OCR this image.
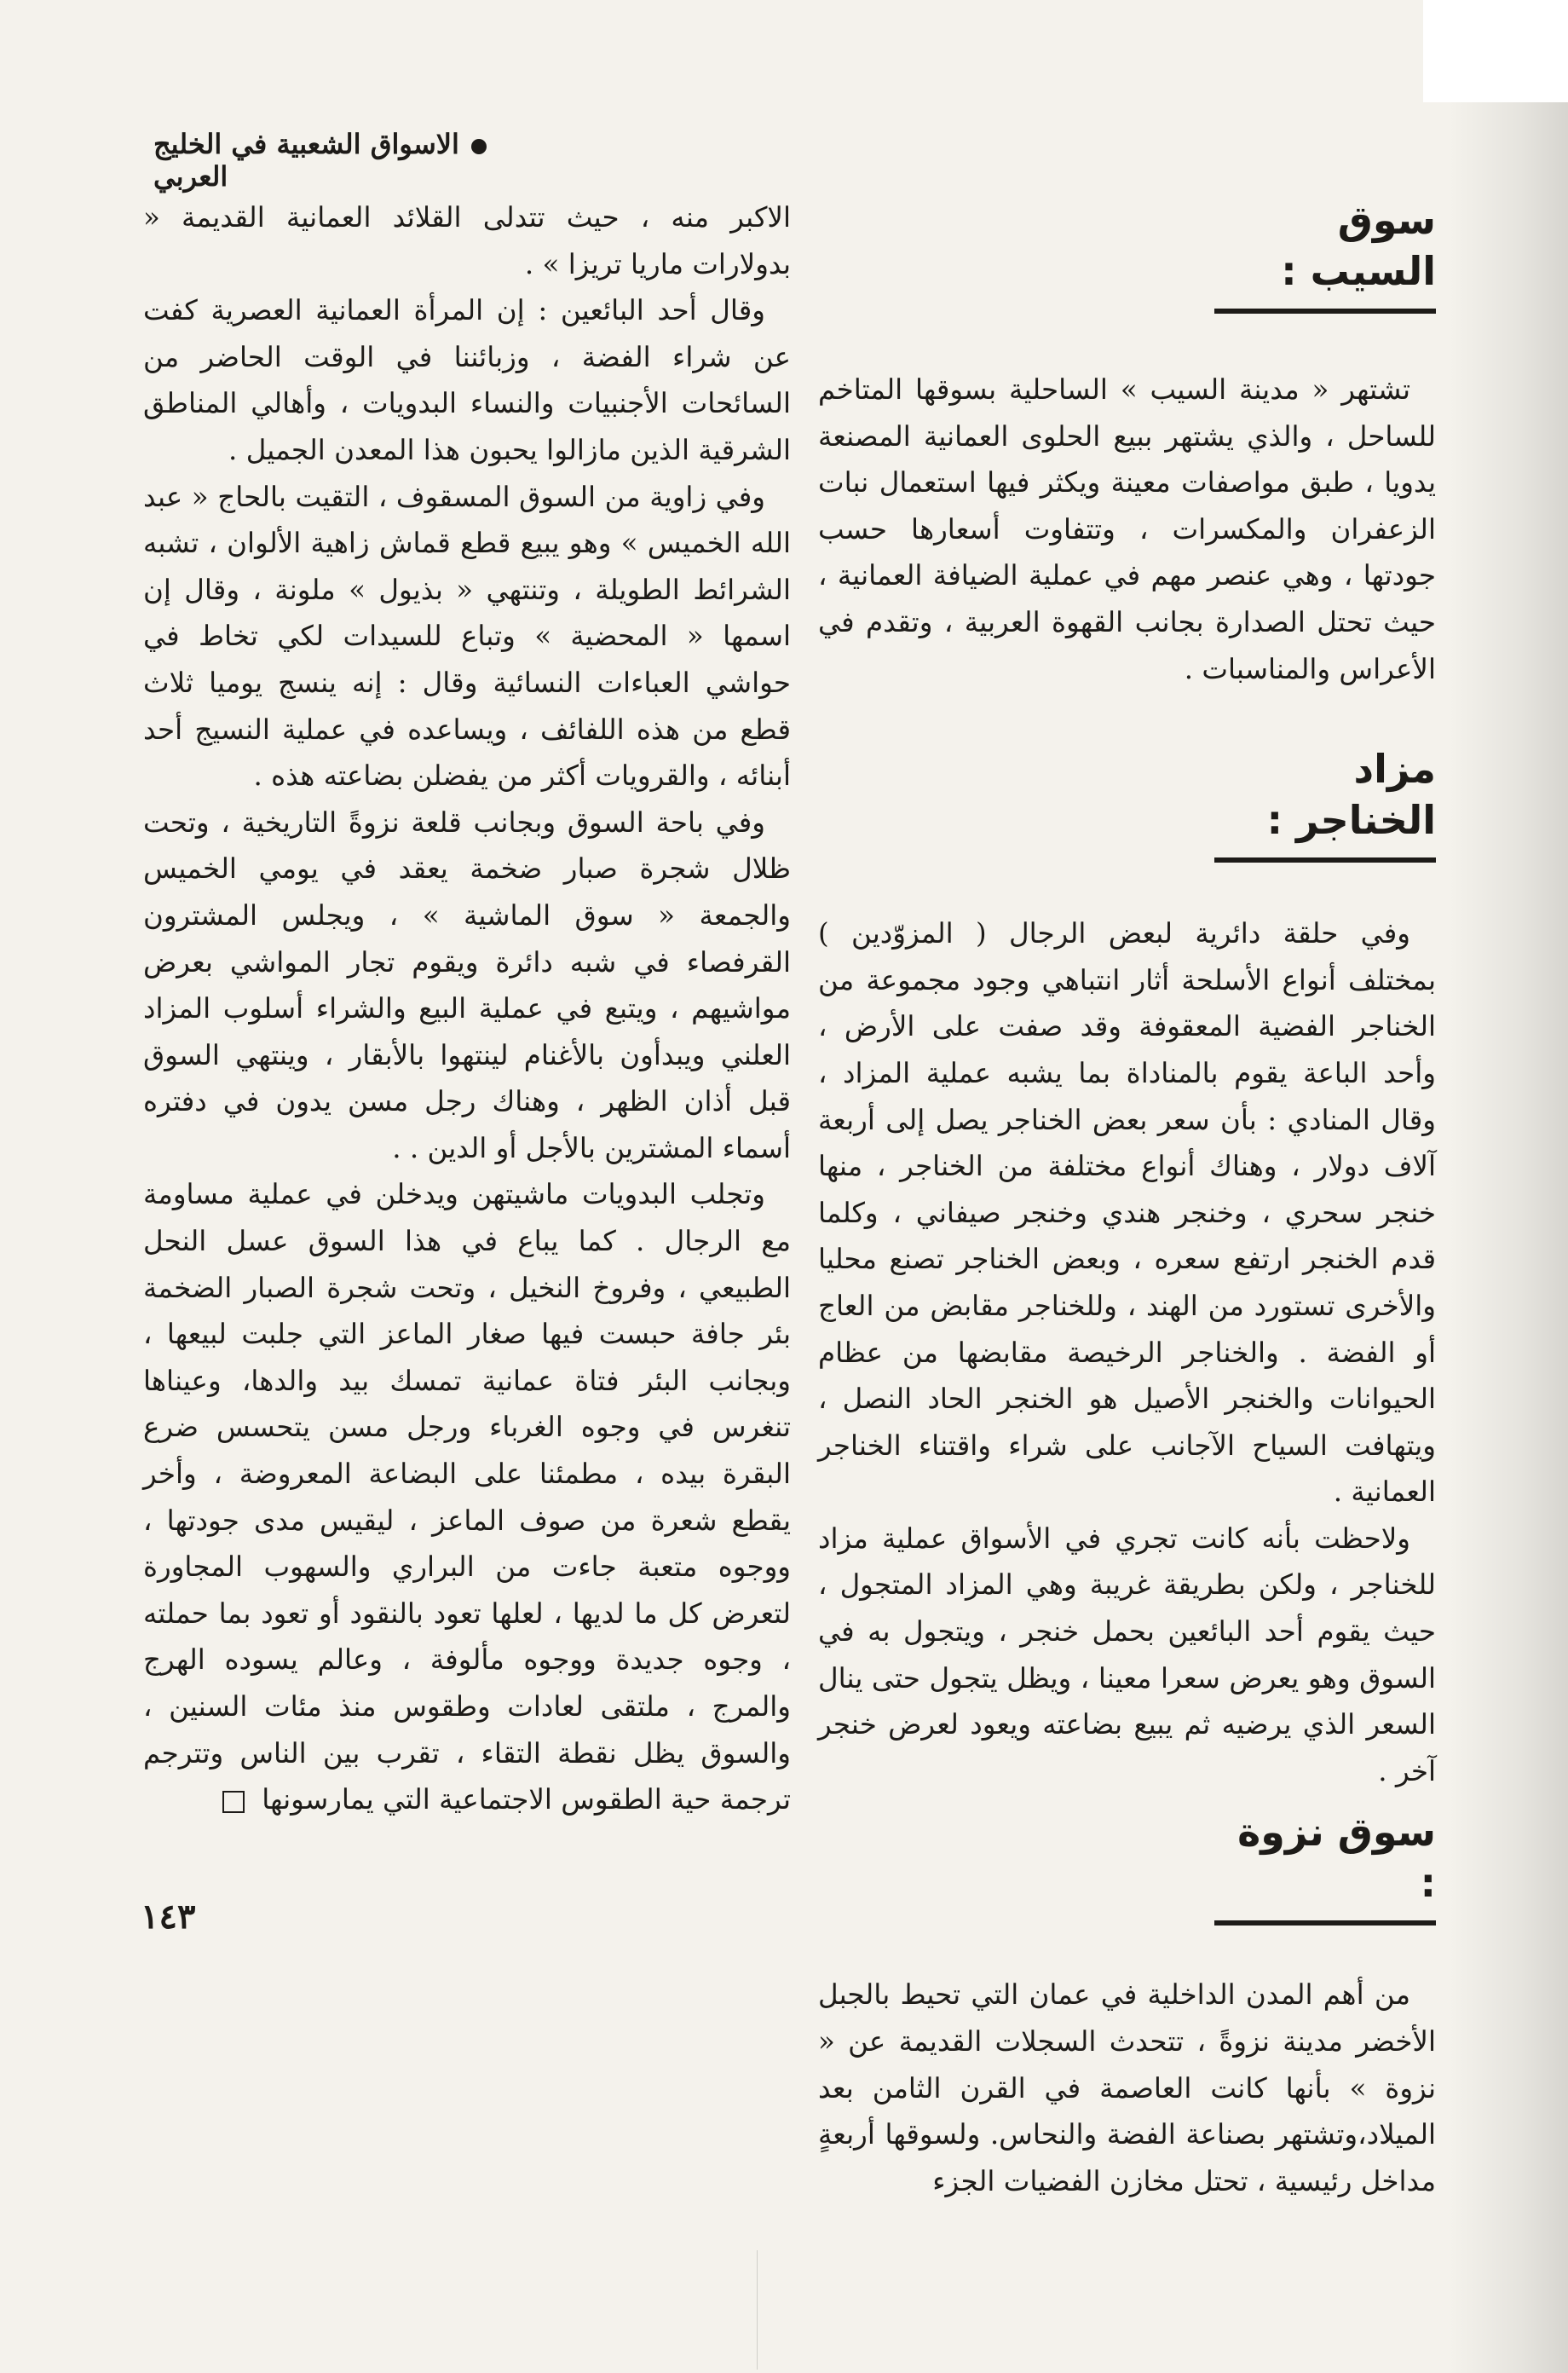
الاسواق الشعبية في الخليج العربي
سوق السيب :

تشتهر « مدينة السيب » الساحلية بسوقها المتاخم للساحل ، والذي يشتهر ببيع الحلوى العمانية المصنعة يدويا ، طبق مواصفات معينة ويكثر فيها استعمال نبات الزعفران والمكسرات ، وتتفاوت أسعارها حسب جودتها ، وهي عنصر مهم في عملية الضيافة العمانية ، حيث تحتل الصدارة بجانب القهوة العربية ، وتقدم في الأعراس والمناسبات .

مزاد الخناجر :

وفي حلقة دائرية لبعض الرجال ( المزوّدين ) بمختلف أنواع الأسلحة أثار انتباهي وجود مجموعة من الخناجر الفضية المعقوفة وقد صفت على الأرض ، وأحد الباعة يقوم بالمناداة بما يشبه عملية المزاد ، وقال المنادي : بأن سعر بعض الخناجر يصل إلى أربعة آلاف دولار ، وهناك أنواع مختلفة من الخناجر ، منها خنجر سحري ، وخنجر هندي وخنجر صيفاني ، وكلما قدم الخنجر ارتفع سعره ، وبعض الخناجر تصنع محليا والأخرى تستورد من الهند ، وللخناجر مقابض من العاج أو الفضة . والخناجر الرخيصة مقابضها من عظام الحيوانات والخنجر الأصيل هو الخنجر الحاد النصل ، ويتهافت السياح الآجانب على شراء واقتناء الخناجر العمانية .

ولاحظت بأنه كانت تجري في الأسواق عملية مزاد للخناجر ، ولكن بطريقة غريبة وهي المزاد المتجول ، حيث يقوم أحد البائعين بحمل خنجر ، ويتجول به في السوق وهو يعرض سعرا معينا ، ويظل يتجول حتى ينال السعر الذي يرضيه ثم يبيع بضاعته ويعود لعرض خنجر آخر .

سوق نزوة :

من أهم المدن الداخلية في عمان التي تحيط بالجبل الأخضر مدينة نزوةً ، تتحدث السجلات القديمة عن « نزوة » بأنها كانت العاصمة في القرن الثامن بعد الميلاد،وتشتهر بصناعة الفضة والنحاس. ولسوقها أربعةٍ مداخل رئيسية ، تحتل مخازن الفضيات الجزء

الاكبر منه ، حيث تتدلى القلائد العمانية القديمة « بدولارات ماريا تريزا » .

وقال أحد البائعين : إن المرأة العمانية العصرية كفت عن شراء الفضة ، وزبائننا في الوقت الحاضر من السائحات الأجنبيات والنساء البدويات ، وأهالي المناطق الشرقية الذين مازالوا يحبون هذا المعدن الجميل .

وفي زاوية من السوق المسقوف ، التقيت بالحاج « عبد الله الخميس » وهو يبيع قطع قماش زاهية الألوان ، تشبه الشرائط الطويلة ، وتنتهي « بذيول » ملونة ، وقال إن اسمها « المحضية » وتباع للسيدات لكي تخاط في حواشي العباءات النسائية وقال : إنه ينسج يوميا ثلاث قطع من هذه اللفائف ، ويساعده في عملية النسيج أحد أبنائه ، والقرويات أكثر من يفضلن بضاعته هذه .

وفي باحة السوق وبجانب قلعة نزوةً التاريخية ، وتحت ظلال شجرة صبار ضخمة يعقد في يومي الخميس والجمعة « سوق الماشية » ، ويجلس المشترون القرفصاء في شبه دائرة ويقوم تجار المواشي بعرض مواشيهم ، ويتبع في عملية البيع والشراء أسلوب المزاد العلني ويبدأون بالأغنام لينتهوا بالأبقار ، وينتهي السوق قبل أذان الظهر ، وهناك رجل مسن يدون في دفتره أسماء المشترين بالأجل أو الدين . .

وتجلب البدويات ماشيتهن ويدخلن في عملية مساومة مع الرجال . كما يباع في هذا السوق عسل النحل الطبيعي ، وفروخ النخيل ، وتحت شجرة الصبار الضخمة بئر جافة حبست فيها صغار الماعز التي جلبت لبيعها ، وبجانب البئر فتاة عمانية تمسك بيد والدها، وعيناها تنغرس في وجوه الغرباء ورجل مسن يتحسس ضرع البقرة بيده ، مطمئنا على البضاعة المعروضة ، وأخر يقطع شعرة من صوف الماعز ، ليقيس مدى جودتها ، ووجوه متعبة جاءت من البراري والسهوب المجاورة لتعرض كل ما لديها ، لعلها تعود بالنقود أو تعود بما حملته ، وجوه جديدة ووجوه مألوفة ، وعالم يسوده الهرج والمرج ، ملتقى لعادات وطقوس منذ مئات السنين ، والسوق يظل نقطة التقاء ، تقرب بين الناس وتترجم ترجمة حية الطقوس الاجتماعية التي يمارسونها

١٤٣
